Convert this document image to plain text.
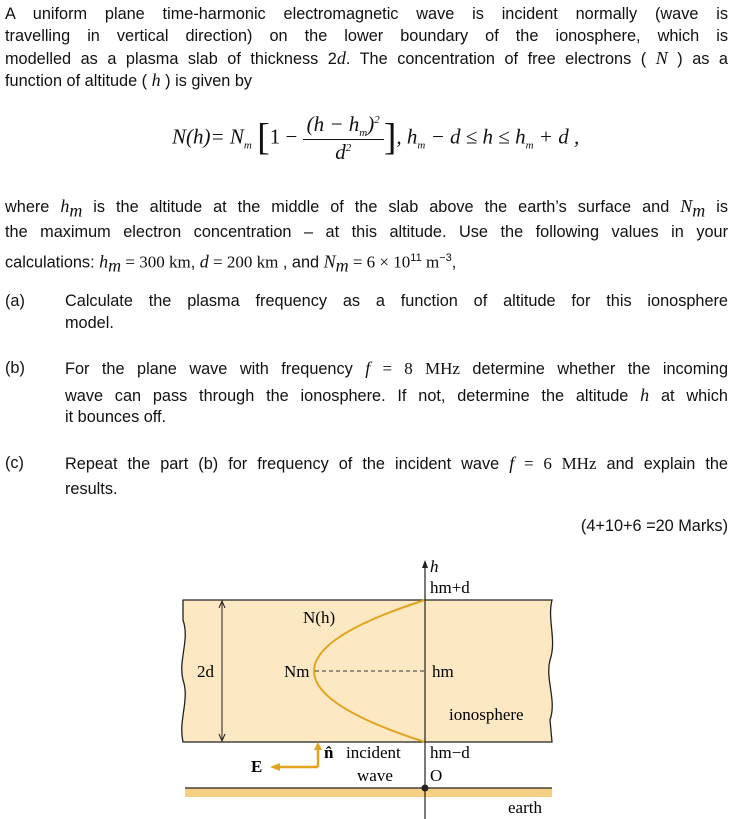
A uniform plane time-harmonic electromagnetic wave is incident normally (wave is
travelling in vertical direction) on the lower boundary of the ionosphere, which is
modelled as a plasma slab of thickness 2d. The concentration of free electrons ( N ) as a
function of altitude ( h ) is given by
$N(h)= N_m$ [$1 - \frac{(h - h_m)^2}{d^2}$ ], $h_m - d \le h \le h_m + d$ ,
where $h_m$ is the altitude at the middle of the slab above the earth’s surface and $N_m$ is
the maximum electron concentration – at this altitude. Use the following values in your
calculations: $h_m = 300$ km, d = 200 km , and $N_m = 6 \times 10^{11}$ $m^{-3}$,
(a) Calculate the plasma frequency as a function of altitude for this ionosphere
model.
(b) For the plane wave with frequency f = 8 MHz determine whether the incoming
wave can pass through the ionosphere. If not, determine the altitude h at which
it bounces off.
(c)	Repeat the part (b) for frequency of the incident wave f = 6 MHz and explain the
results.
(4+10+6 =20 Marks)
h
hm+d
N(h)
2d	Nm	hm
ionosphere
n̂ incident
wave
hm−d
E	O
earth
